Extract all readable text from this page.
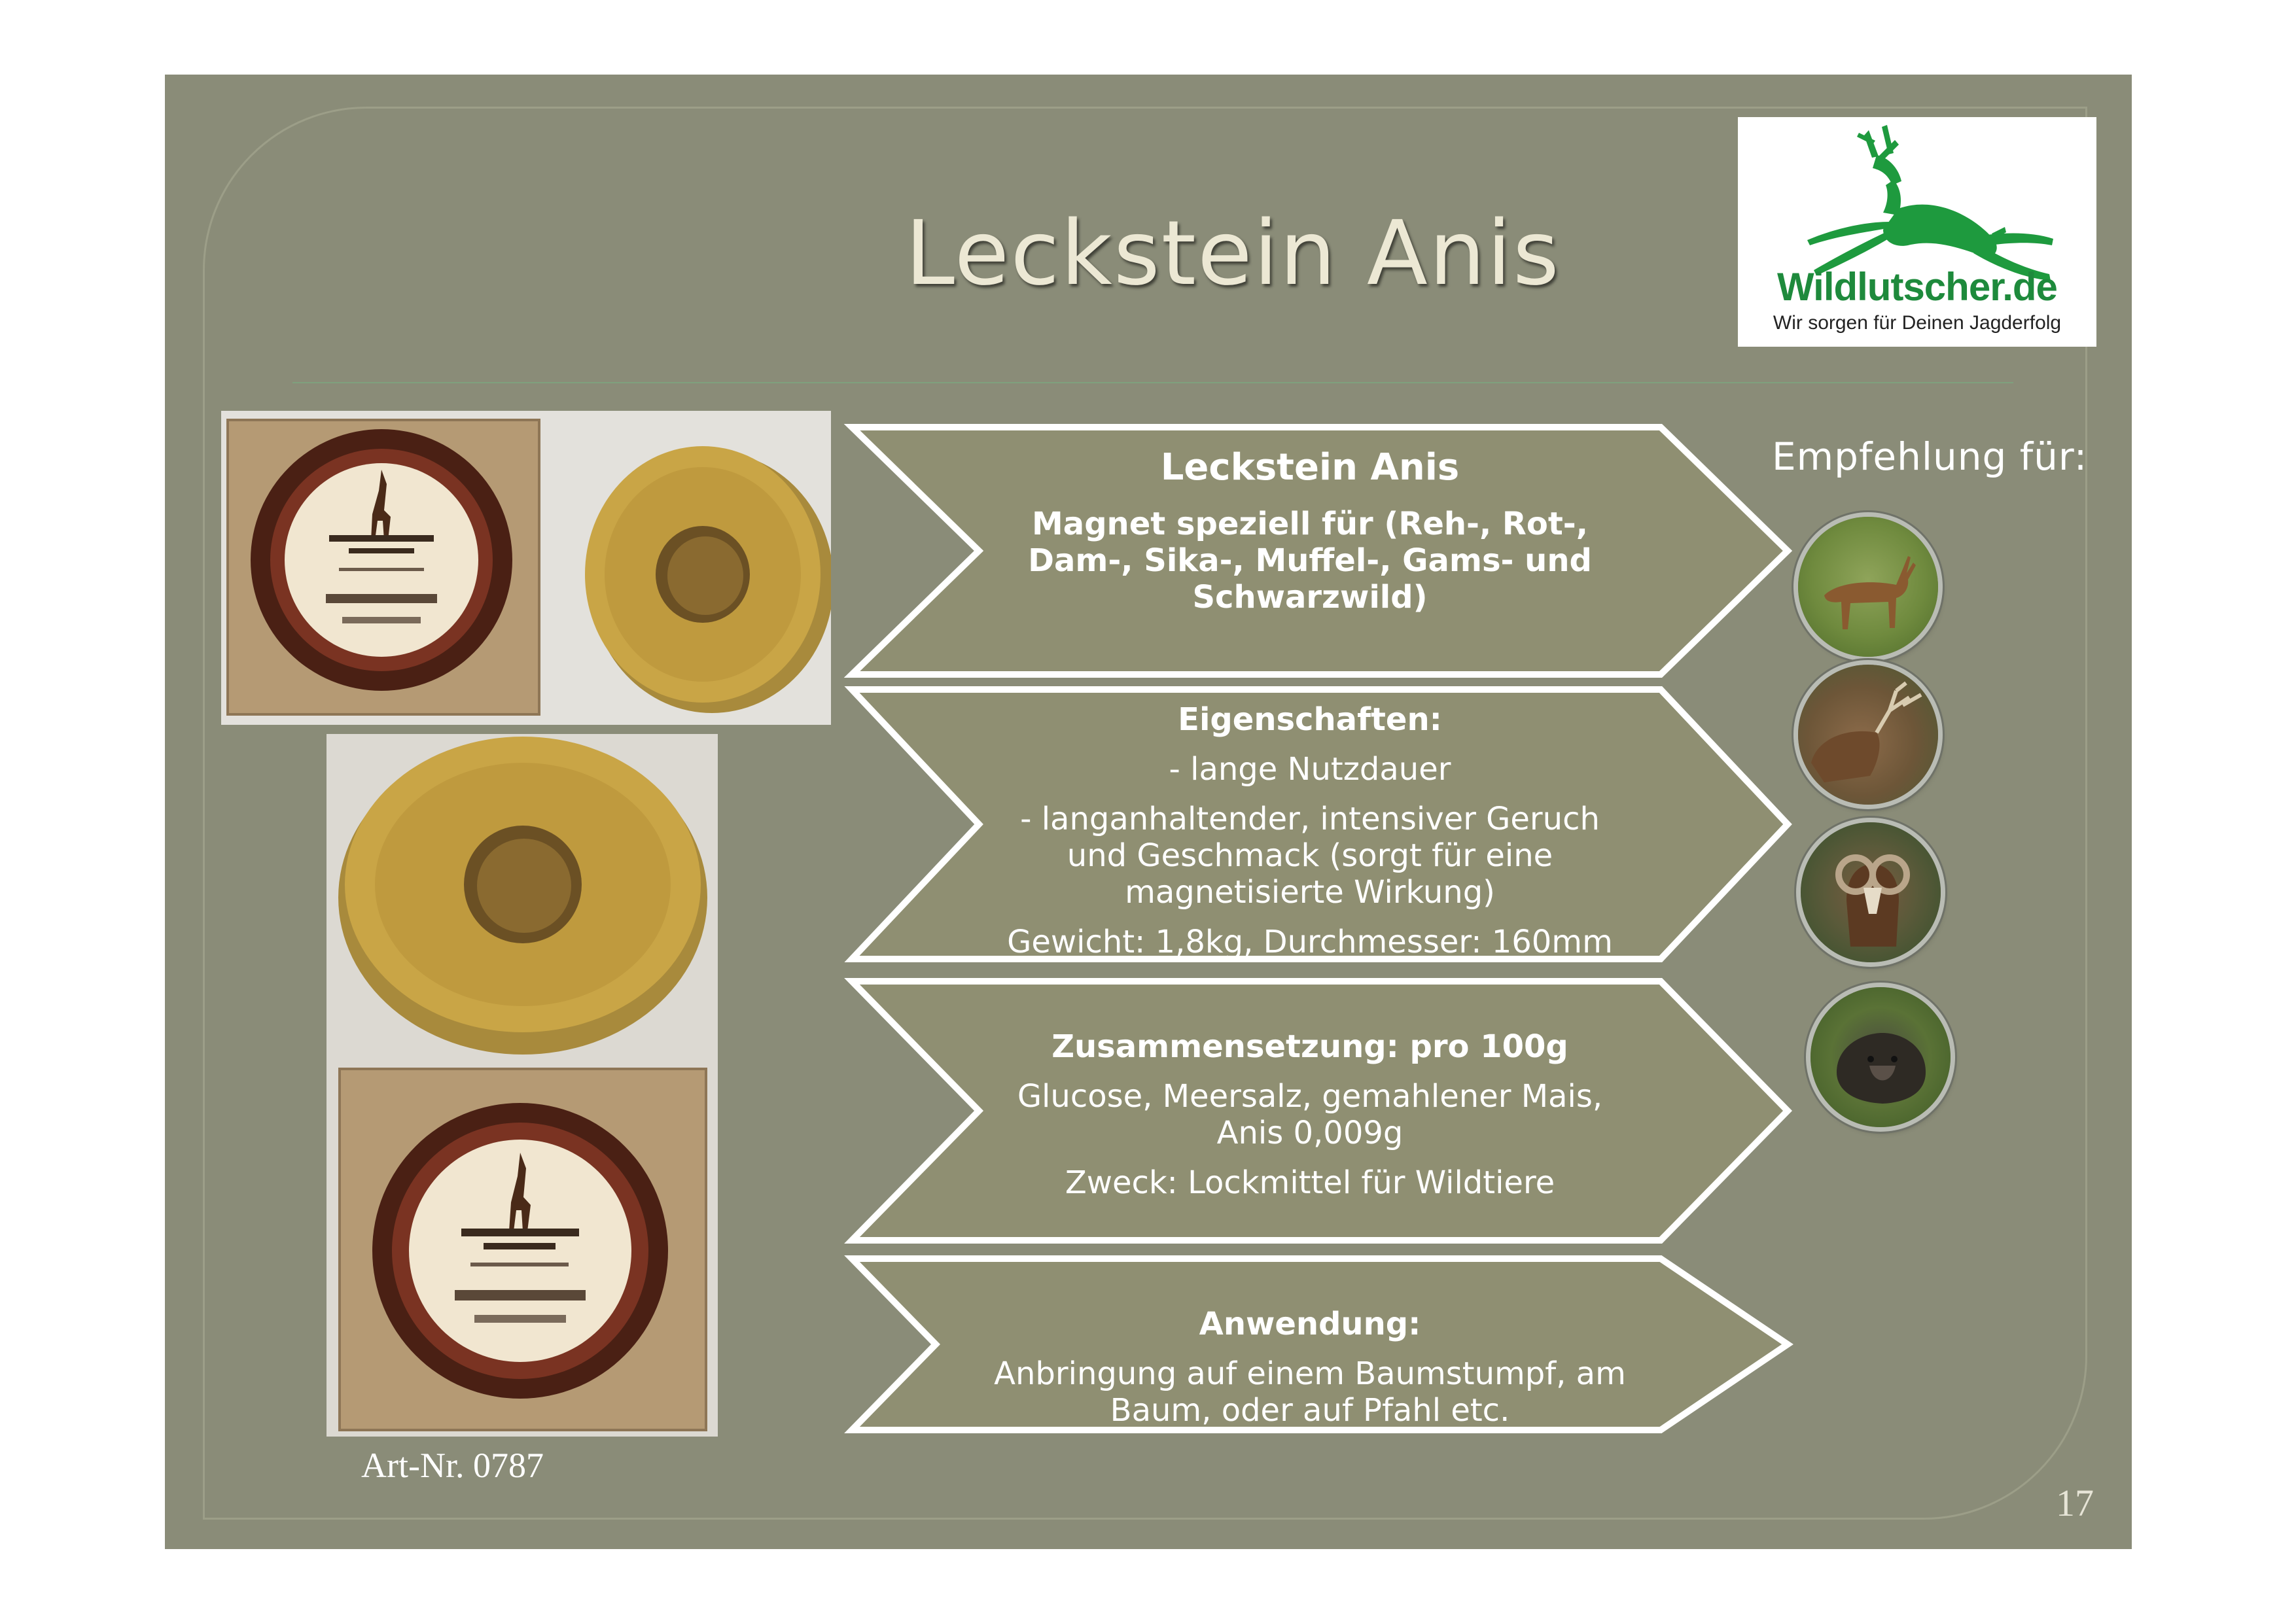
Leckstein Anis	Wildlutscher.de
Wir sorgen für Deinen Jagderfolg
Art-Nr. 0787
Leckstein Anis
Magnet speziell für (Reh-, Rot-,
Dam-, Sika-, Muffel-, Gams- und
Schwarzwild)
Eigenschaften:
- lange Nutzdauer
- langanhaltender, intensiver Geruch
und Geschmack (sorgt für eine
magnetisierte Wirkung)
Gewicht: 1,8kg, Durchmesser: 160mm
Zusammensetzung: pro 100g
Glucose, Meersalz, gemahlener Mais,
Anis 0,009g
Zweck: Lockmittel für Wildtiere
Anwendung:
Anbringung auf einem Baumstumpf, am
Baum, oder auf Pfahl etc.
Empfehlung für:
17
